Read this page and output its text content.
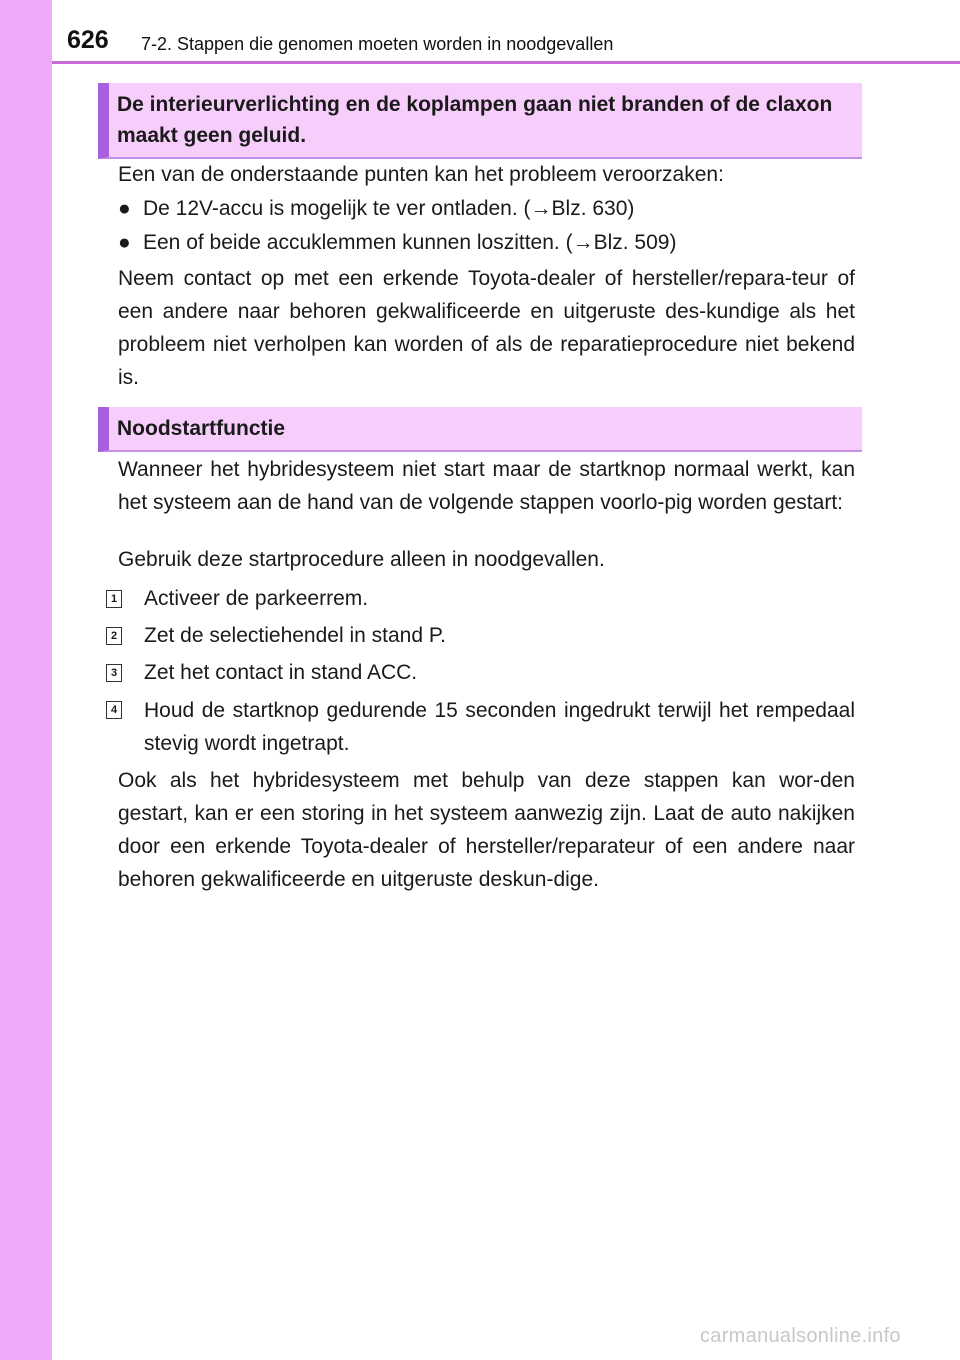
626 7-2. Stappen die genomen moeten worden in noodgevallen
De interieurverlichting en de koplampen gaan niet branden of de claxon maakt geen geluid.

Een van de onderstaande punten kan het probleem veroorzaken:

● De 12V-accu is mogelijk te ver ontladen. (→Blz. 630)
● Een of beide accuklemmen kunnen loszitten. (→Blz. 509)

Neem contact op met een erkende Toyota-dealer of hersteller/repara-teur of een andere naar behoren gekwalificeerde en uitgeruste des-kundige als het probleem niet verholpen kan worden of als de reparatieprocedure niet bekend is.

Noodstartfunctie

Wanneer het hybridesysteem niet start maar de startknop normaal werkt, kan het systeem aan de hand van de volgende stappen voorlo-pig worden gestart:

Gebruik deze startprocedure alleen in noodgevallen.

1 Activeer de parkeerrem.

2 Zet de selectiehendel in stand P.

3 Zet het contact in stand ACC.

4 Houd de startknop gedurende 15 seconden ingedrukt terwijl het rempedaal stevig wordt ingetrapt.

Ook als het hybridesysteem met behulp van deze stappen kan wor-den gestart, kan er een storing in het systeem aanwezig zijn. Laat de auto nakijken door een erkende Toyota-dealer of hersteller/reparateur of een andere naar behoren gekwalificeerde en uitgeruste deskun-dige.

carmanualsonline.info
